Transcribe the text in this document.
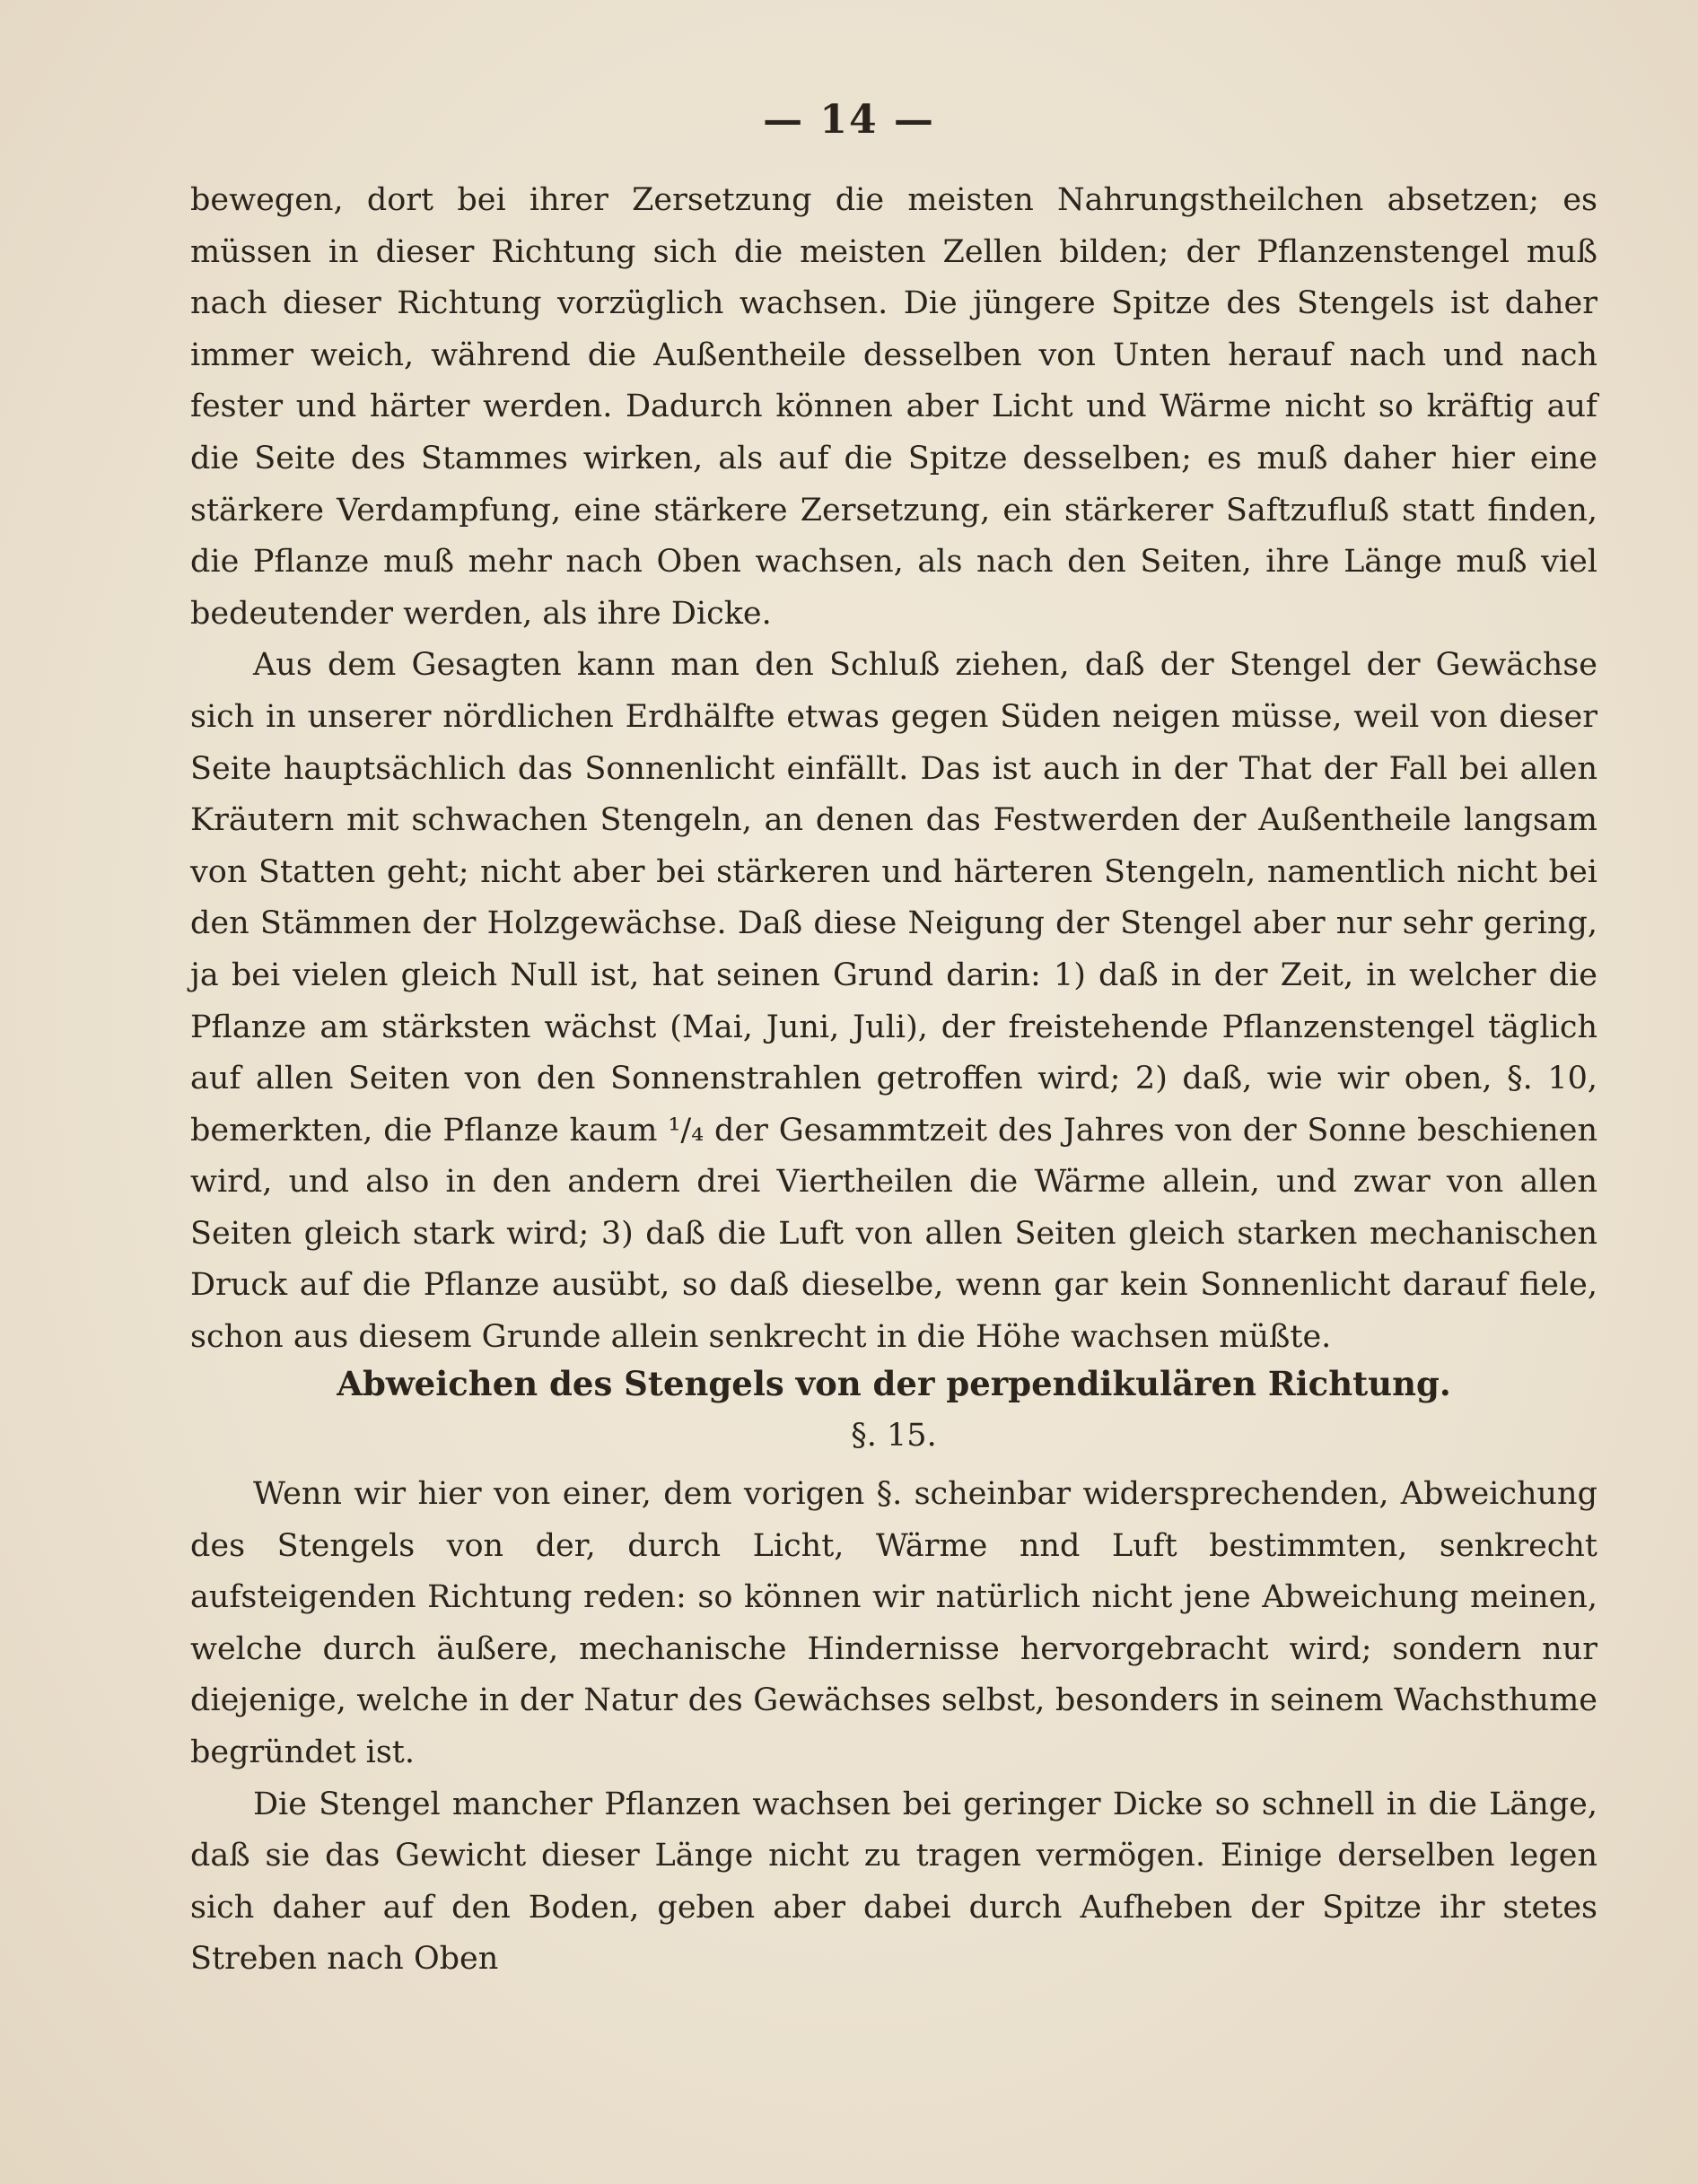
— 14 —

bewegen, dort bei ihrer Zersetzung die meisten Nahrungstheilchen absetzen; es müssen in dieser Richtung sich die meisten Zellen bilden; der Pflanzenstengel muß nach dieser Richtung vorzüglich wachsen. Die jüngere Spitze des Stengels ist daher immer weich, während die Außentheile desselben von Unten herauf nach und nach fester und härter werden. Dadurch können aber Licht und Wärme nicht so kräftig auf die Seite des Stammes wirken, als auf die Spitze desselben; es muß daher hier eine stärkere Verdampfung, eine stärkere Zersetzung, ein stärkerer Saftzufluß statt finden, die Pflanze muß mehr nach Oben wachsen, als nach den Seiten, ihre Länge muß viel bedeutender werden, als ihre Dicke.

Aus dem Gesagten kann man den Schluß ziehen, daß der Stengel der Gewächse sich in unserer nördlichen Erdhälfte etwas gegen Süden neigen müsse, weil von dieser Seite hauptsächlich das Sonnenlicht einfällt. Das ist auch in der That der Fall bei allen Kräutern mit schwachen Stengeln, an denen das Festwerden der Außentheile langsam von Statten geht; nicht aber bei stärkeren und härteren Stengeln, namentlich nicht bei den Stämmen der Holzgewächse. Daß diese Neigung der Stengel aber nur sehr gering, ja bei vielen gleich Null ist, hat seinen Grund darin: 1) daß in der Zeit, in welcher die Pflanze am stärksten wächst (Mai, Juni, Juli), der freistehende Pflanzenstengel täglich auf allen Seiten von den Sonnenstrahlen getroffen wird; 2) daß, wie wir oben, §. 10, bemerkten, die Pflanze kaum ¹/₄ der Gesammtzeit des Jahres von der Sonne beschienen wird, und also in den andern drei Viertheilen die Wärme allein, und zwar von allen Seiten gleich stark wird; 3) daß die Luft von allen Seiten gleich starken mechanischen Druck auf die Pflanze ausübt, so daß dieselbe, wenn gar kein Sonnenlicht darauf fiele, schon aus diesem Grunde allein senkrecht in die Höhe wachsen müßte.

Abweichen des Stengels von der perpendikulären Richtung.
§. 15.

Wenn wir hier von einer, dem vorigen §. scheinbar widersprechenden, Abweichung des Stengels von der, durch Licht, Wärme nnd Luft bestimmten, senkrecht aufsteigenden Richtung reden: so können wir natürlich nicht jene Abweichung meinen, welche durch äußere, mechanische Hindernisse hervorgebracht wird; sondern nur diejenige, welche in der Natur des Gewächses selbst, besonders in seinem Wachsthume begründet ist.

Die Stengel mancher Pflanzen wachsen bei geringer Dicke so schnell in die Länge, daß sie das Gewicht dieser Länge nicht zu tragen vermögen. Einige derselben legen sich daher auf den Boden, geben aber dabei durch Aufheben der Spitze ihr stetes Streben nach Oben
